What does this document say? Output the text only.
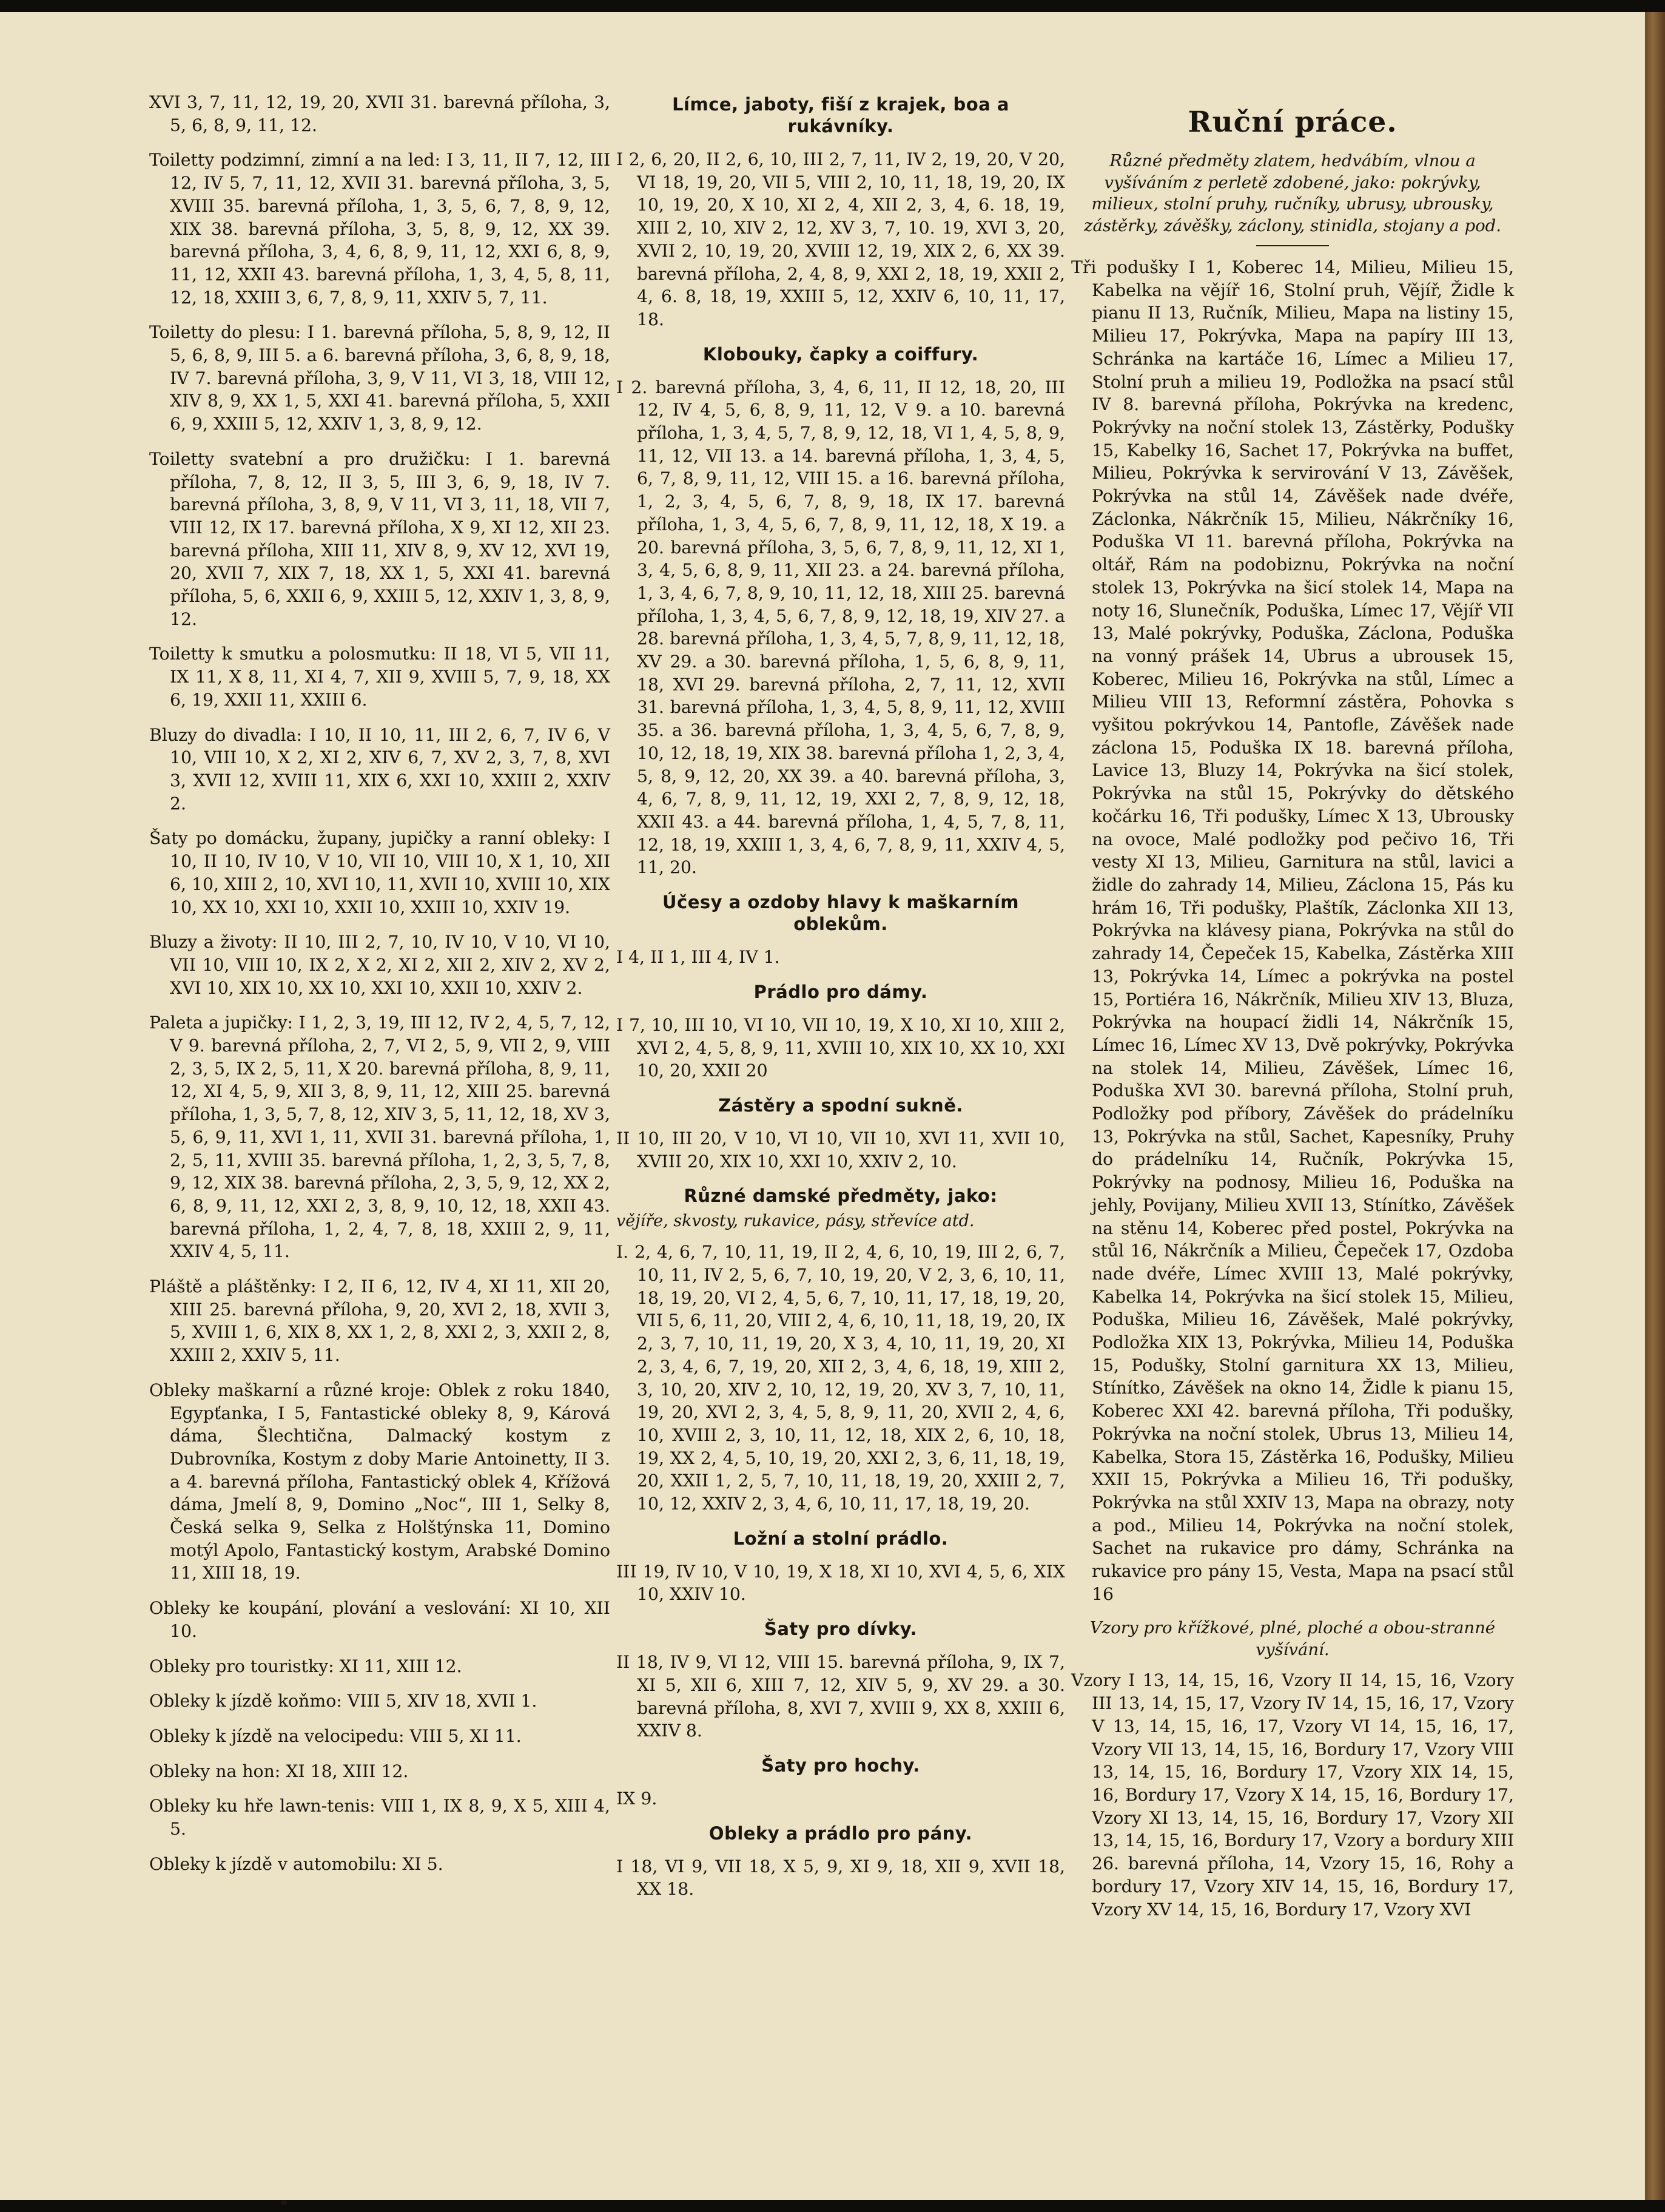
XVI 3, 7, 11, 12, 19, 20, XVII 31. barevná příloha, 3, 5, 6, 8, 9, 11, 12.

Toiletty podzimní, zimní a na led: I 3, 11, II 7, 12, III 12, IV 5, 7, 11, 12, XVII 31. barevná příloha, 3, 5, XVIII 35. barevná příloha, 1, 3, 5, 6, 7, 8, 9, 12, XIX 38. barevná příloha, 3, 5, 8, 9, 12, XX 39. barevná příloha, 3, 4, 6, 8, 9, 11, 12, XXI 6, 8, 9, 11, 12, XXII 43. barevná příloha, 1, 3, 4, 5, 8, 11, 12, 18, XXIII 3, 6, 7, 8, 9, 11, XXIV 5, 7, 11.

Toiletty do plesu: I 1. barevná příloha, 5, 8, 9, 12, II 5, 6, 8, 9, III 5. a 6. barevná příloha, 3, 6, 8, 9, 18, IV 7. barevná příloha, 3, 9, V 11, VI 3, 18, VIII 12, XIV 8, 9, XX 1, 5, XXI 41. barevná příloha, 5, XXII 6, 9, XXIII 5, 12, XXIV 1, 3, 8, 9, 12.

Toiletty svatební a pro družičku: I 1. barevná příloha, 7, 8, 12, II 3, 5, III 3, 6, 9, 18, IV 7. barevná příloha, 3, 8, 9, V 11, VI 3, 11, 18, VII 7, VIII 12, IX 17. barevná příloha, X 9, XI 12, XII 23. barevná příloha, XIII 11, XIV 8, 9, XV 12, XVI 19, 20, XVII 7, XIX 7, 18, XX 1, 5, XXI 41. barevná příloha, 5, 6, XXII 6, 9, XXIII 5, 12, XXIV 1, 3, 8, 9, 12.

Toiletty k smutku a polosmutku: II 18, VI 5, VII 11, IX 11, X 8, 11, XI 4, 7, XII 9, XVIII 5, 7, 9, 18, XX 6, 19, XXII 11, XXIII 6.

Bluzy do divadla: I 10, II 10, 11, III 2, 6, 7, IV 6, V 10, VIII 10, X 2, XI 2, XIV 6, 7, XV 2, 3, 7, 8, XVI 3, XVII 12, XVIII 11, XIX 6, XXI 10, XXIII 2, XXIV 2.

Šaty po domácku, župany, jupičky a ranní obleky: I 10, II 10, IV 10, V 10, VII 10, VIII 10, X 1, 10, XII 6, 10, XIII 2, 10, XVI 10, 11, XVII 10, XVIII 10, XIX 10, XX 10, XXI 10, XXII 10, XXIII 10, XXIV 19.

Bluzy a životy: II 10, III 2, 7, 10, IV 10, V 10, VI 10, VII 10, VIII 10, IX 2, X 2, XI 2, XII 2, XIV 2, XV 2, XVI 10, XIX 10, XX 10, XXI 10, XXII 10, XXIV 2.

Paleta a jupičky: I 1, 2, 3, 19, III 12, IV 2, 4, 5, 7, 12, V 9. barevná příloha, 2, 7, VI 2, 5, 9, VII 2, 9, VIII 2, 3, 5, IX 2, 5, 11, X 20. barevná příloha, 8, 9, 11, 12, XI 4, 5, 9, XII 3, 8, 9, 11, 12, XIII 25. barevná příloha, 1, 3, 5, 7, 8, 12, XIV 3, 5, 11, 12, 18, XV 3, 5, 6, 9, 11, XVI 1, 11, XVII 31. barevná příloha, 1, 2, 5, 11, XVIII 35. barevná příloha, 1, 2, 3, 5, 7, 8, 9, 12, XIX 38. barevná příloha, 2, 3, 5, 9, 12, XX 2, 6, 8, 9, 11, 12, XXI 2, 3, 8, 9, 10, 12, 18, XXII 43. barevná příloha, 1, 2, 4, 7, 8, 18, XXIII 2, 9, 11, XXIV 4, 5, 11.

Pláště a pláštěnky: I 2, II 6, 12, IV 4, XI 11, XII 20, XIII 25. barevná příloha, 9, 20, XVI 2, 18, XVII 3, 5, XVIII 1, 6, XIX 8, XX 1, 2, 8, XXI 2, 3, XXII 2, 8, XXIII 2, XXIV 5, 11.

Obleky maškarní a různé kroje: Oblek z roku 1840, Egypťanka, I 5, Fantastické obleky 8, 9, Kárová dáma, Šlechtična, Dalmacký kostym z Dubrovníka, Kostym z doby Marie Antoinetty, II 3. a 4. barevná příloha, Fantastický oblek 4, Křížová dáma, Jmelí 8, 9, Domino „Noc“, III 1, Selky 8, Česká selka 9, Selka z Holštýnska 11, Domino motýl Apolo, Fantastický kostym, Arabské Domino 11, XIII 18, 19.

Obleky ke koupání, plování a veslování: XI 10, XII 10.

Obleky pro touristky: XI 11, XIII 12.

Obleky k jízdě koňmo: VIII 5, XIV 18, XVII 1.

Obleky k jízdě na velocipedu: VIII 5, XI 11.

Obleky na hon: XI 18, XIII 12.

Obleky ku hře lawn-tenis: VIII 1, IX 8, 9, X 5, XIII 4, 5.

Obleky k jízdě v automobilu: XI 5.

Límce, jaboty, fiší z krajek, boa a rukávníky.

I 2, 6, 20, II 2, 6, 10, III 2, 7, 11, IV 2, 19, 20, V 20, VI 18, 19, 20, VII 5, VIII 2, 10, 11, 18, 19, 20, IX 10, 19, 20, X 10, XI 2, 4, XII 2, 3, 4, 6. 18, 19, XIII 2, 10, XIV 2, 12, XV 3, 7, 10. 19, XVI 3, 20, XVII 2, 10, 19, 20, XVIII 12, 19, XIX 2, 6, XX 39. barevná příloha, 2, 4, 8, 9, XXI 2, 18, 19, XXII 2, 4, 6. 8, 18, 19, XXIII 5, 12, XXIV 6, 10, 11, 17, 18.

Klobouky, čapky a coiffury.

I 2. barevná příloha, 3, 4, 6, 11, II 12, 18, 20, III 12, IV 4, 5, 6, 8, 9, 11, 12, V 9. a 10. barevná příloha, 1, 3, 4, 5, 7, 8, 9, 12, 18, VI 1, 4, 5, 8, 9, 11, 12, VII 13. a 14. barevná příloha, 1, 3, 4, 5, 6, 7, 8, 9, 11, 12, VIII 15. a 16. barevná příloha, 1, 2, 3, 4, 5, 6, 7, 8, 9, 18, IX 17. barevná příloha, 1, 3, 4, 5, 6, 7, 8, 9, 11, 12, 18, X 19. a 20. barevná příloha, 3, 5, 6, 7, 8, 9, 11, 12, XI 1, 3, 4, 5, 6, 8, 9, 11, XII 23. a 24. barevná příloha, 1, 3, 4, 6, 7, 8, 9, 10, 11, 12, 18, XIII 25. barevná příloha, 1, 3, 4, 5, 6, 7, 8, 9, 12, 18, 19, XIV 27. a 28. barevná příloha, 1, 3, 4, 5, 7, 8, 9, 11, 12, 18, XV 29. a 30. barevná příloha, 1, 5, 6, 8, 9, 11, 18, XVI 29. barevná příloha, 2, 7, 11, 12, XVII 31. barevná příloha, 1, 3, 4, 5, 8, 9, 11, 12, XVIII 35. a 36. barevná příloha, 1, 3, 4, 5, 6, 7, 8, 9, 10, 12, 18, 19, XIX 38. barevná příloha 1, 2, 3, 4, 5, 8, 9, 12, 20, XX 39. a 40. barevná příloha, 3, 4, 6, 7, 8, 9, 11, 12, 19, XXI 2, 7, 8, 9, 12, 18, XXII 43. a 44. barevná příloha, 1, 4, 5, 7, 8, 11, 12, 18, 19, XXIII 1, 3, 4, 6, 7, 8, 9, 11, XXIV 4, 5, 11, 20.

Účesy a ozdoby hlavy k maškarním oblekům.

I 4, II 1, III 4, IV 1.

Prádlo pro dámy.

I 7, 10, III 10, VI 10, VII 10, 19, X 10, XI 10, XIII 2, XVI 2, 4, 5, 8, 9, 11, XVIII 10, XIX 10, XX 10, XXI 10, 20, XXII 20

Zástěry a spodní sukně.

II 10, III 20, V 10, VI 10, VII 10, XVI 11, XVII 10, XVIII 20, XIX 10, XXI 10, XXIV 2, 10.

Různé damské předměty, jako:
vějíře, skvosty, rukavice, pásy, střevíce atd.

I. 2, 4, 6, 7, 10, 11, 19, II 2, 4, 6, 10, 19, III 2, 6, 7, 10, 11, IV 2, 5, 6, 7, 10, 19, 20, V 2, 3, 6, 10, 11, 18, 19, 20, VI 2, 4, 5, 6, 7, 10, 11, 17, 18, 19, 20, VII 5, 6, 11, 20, VIII 2, 4, 6, 10, 11, 18, 19, 20, IX 2, 3, 7, 10, 11, 19, 20, X 3, 4, 10, 11, 19, 20, XI 2, 3, 4, 6, 7, 19, 20, XII 2, 3, 4, 6, 18, 19, XIII 2, 3, 10, 20, XIV 2, 10, 12, 19, 20, XV 3, 7, 10, 11, 19, 20, XVI 2, 3, 4, 5, 8, 9, 11, 20, XVII 2, 4, 6, 10, XVIII 2, 3, 10, 11, 12, 18, XIX 2, 6, 10, 18, 19, XX 2, 4, 5, 10, 19, 20, XXI 2, 3, 6, 11, 18, 19, 20, XXII 1, 2, 5, 7, 10, 11, 18, 19, 20, XXIII 2, 7, 10, 12, XXIV 2, 3, 4, 6, 10, 11, 17, 18, 19, 20.

Ložní a stolní prádlo.

III 19, IV 10, V 10, 19, X 18, XI 10, XVI 4, 5, 6, XIX 10, XXIV 10.

Šaty pro dívky.

II 18, IV 9, VI 12, VIII 15. barevná příloha, 9, IX 7, XI 5, XII 6, XIII 7, 12, XIV 5, 9, XV 29. a 30. barevná příloha, 8, XVI 7, XVIII 9, XX 8, XXIII 6, XXIV 8.

Šaty pro hochy.

IX 9.

Obleky a prádlo pro pány.

I 18, VI 9, VII 18, X 5, 9, XI 9, 18, XII 9, XVII 18, XX 18.

Ruční práce.
Různé předměty zlatem, hedvábím, vlnou a vyšíváním z perletě zdobené, jako: pokrývky, milieux, stolní pruhy, ručníky, ubrusy, ubrousky, zástěrky, závěšky, záclony, stinidla, stojany a pod.

Tři podušky I 1, Koberec 14, Milieu, Milieu 15, Kabelka na vějíř 16, Stolní pruh, Vějíř, Židle k pianu II 13, Ručník, Milieu, Mapa na listiny 15, Milieu 17, Pokrývka, Mapa na papíry III 13, Schránka na kartáče 16, Límec a Milieu 17, Stolní pruh a milieu 19, Podložka na psací stůl IV 8. barevná příloha, Pokrývka na kredenc, Pokrývky na noční stolek 13, Zástěrky, Podušky 15, Kabelky 16, Sachet 17, Pokrývka na buffet, Milieu, Pokrývka k servirování V 13, Závěšek, Pokrývka na stůl 14, Závěšek nade dvéře, Záclonka, Nákrčník 15, Milieu, Nákrčníky 16, Poduška VI 11. barevná příloha, Pokrývka na oltář, Rám na podobiznu, Pokrývka na noční stolek 13, Pokrývka na šicí stolek 14, Mapa na noty 16, Slunečník, Poduška, Límec 17, Vějíř VII 13, Malé pokrývky, Poduška, Záclona, Poduška na vonný prášek 14, Ubrus a ubrousek 15, Koberec, Milieu 16, Pokrývka na stůl, Límec a Milieu VIII 13, Reformní zástěra, Pohovka s vyšitou pokrývkou 14, Pantofle, Závěšek nade záclona 15, Poduška IX 18. barevná příloha, Lavice 13, Bluzy 14, Pokrývka na šicí stolek, Pokrývka na stůl 15, Pokrývky do dětského kočárku 16, Tři podušky, Límec X 13, Ubrousky na ovoce, Malé podložky pod pečivo 16, Tři vesty XI 13, Milieu, Garnitura na stůl, lavici a židle do zahrady 14, Milieu, Záclona 15, Pás ku hrám 16, Tři podušky, Plaštík, Záclonka XII 13, Pokrývka na klávesy piana, Pokrývka na stůl do zahrady 14, Čepeček 15, Kabelka, Zástěrka XIII 13, Pokrývka 14, Límec a pokrývka na postel 15, Portiéra 16, Nákrčník, Milieu XIV 13, Bluza, Pokrývka na houpací židli 14, Nákrčník 15, Límec 16, Límec XV 13, Dvě pokrývky, Pokrývka na stolek 14, Milieu, Závěšek, Límec 16, Poduška XVI 30. barevná příloha, Stolní pruh, Podložky pod příbory, Závěšek do prádelníku 13, Pokrývka na stůl, Sachet, Kapesníky, Pruhy do prádelníku 14, Ručník, Pokrývka 15, Pokrývky na podnosy, Milieu 16, Poduška na jehly, Povijany, Milieu XVII 13, Stínítko, Závěšek na stěnu 14, Koberec před postel, Pokrývka na stůl 16, Nákrčník a Milieu, Čepeček 17, Ozdoba nade dvéře, Límec XVIII 13, Malé pokrývky, Kabelka 14, Pokrývka na šicí stolek 15, Milieu, Poduška, Milieu 16, Závěšek, Malé pokrývky, Podložka XIX 13, Pokrývka, Milieu 14, Poduška 15, Podušky, Stolní garnitura XX 13, Milieu, Stínítko, Závěšek na okno 14, Židle k pianu 15, Koberec XXI 42. barevná příloha, Tři podušky, Pokrývka na noční stolek, Ubrus 13, Milieu 14, Kabelka, Stora 15, Zástěrka 16, Podušky, Milieu XXII 15, Pokrývka a Milieu 16, Tři podušky, Pokrývka na stůl XXIV 13, Mapa na obrazy, noty a pod., Milieu 14, Pokrývka na noční stolek, Sachet na rukavice pro dámy, Schránka na rukavice pro pány 15, Vesta, Mapa na psací stůl 16

Vzory pro křížkové, plné, ploché a obou-stranné vyšívání.

Vzory I 13, 14, 15, 16, Vzory II 14, 15, 16, Vzory III 13, 14, 15, 17, Vzory IV 14, 15, 16, 17, Vzory V 13, 14, 15, 16, 17, Vzory VI 14, 15, 16, 17, Vzory VII 13, 14, 15, 16, Bordury 17, Vzory VIII 13, 14, 15, 16, Bordury 17, Vzory XIX 14, 15, 16, Bordury 17, Vzory X 14, 15, 16, Bordury 17, Vzory XI 13, 14, 15, 16, Bordury 17, Vzory XII 13, 14, 15, 16, Bordury 17, Vzory a bordury XIII 26. barevná příloha, 14, Vzory 15, 16, Rohy a bordury 17, Vzory XIV 14, 15, 16, Bordury 17, Vzory XV 14, 15, 16, Bordury 17, Vzory XVI
